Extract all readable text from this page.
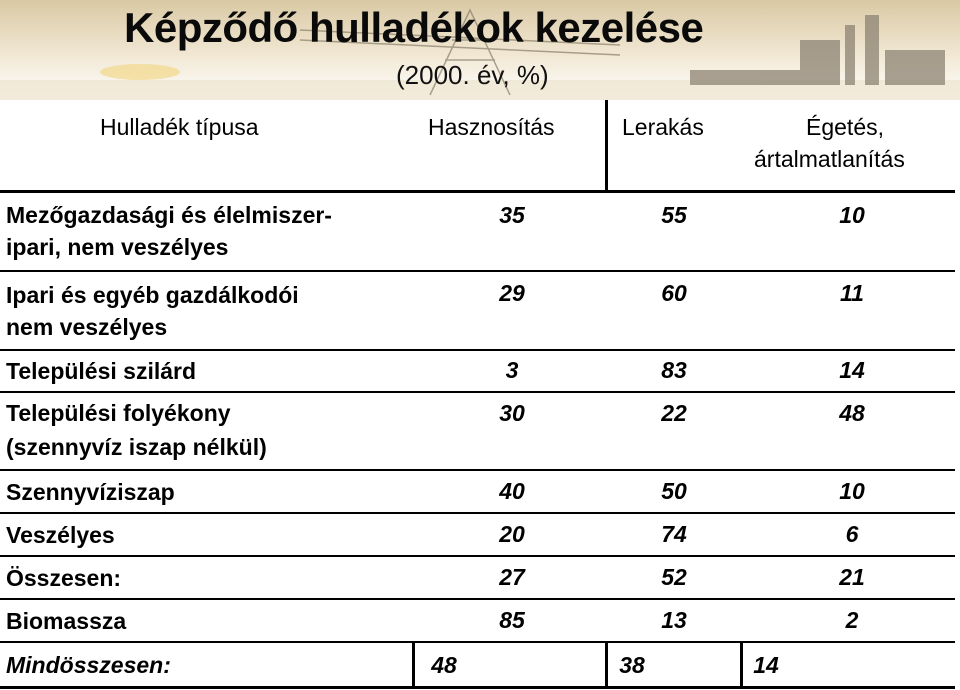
Képződő hulladékok kezelése
(2000. év, %)
Hulladék típusa	Hasznosítás	Lerakás	Égetés,
ártalmatlanítás
Mezőgazdasági és élelmiszer-
ipari, nem veszélyes
35	55	10
Ipari és egyéb gazdálkodói
nem veszélyes
29	60	11
Települési szilárd	3	83	14
Települési folyékony
(szennyvíz iszap nélkül)
30	22	48
Szennyvíziszap	40	50	10
Veszélyes	20	74	6
Összesen:	27	52	21
Biomassza	85	13	2
Mindösszesen:	48	38	14
